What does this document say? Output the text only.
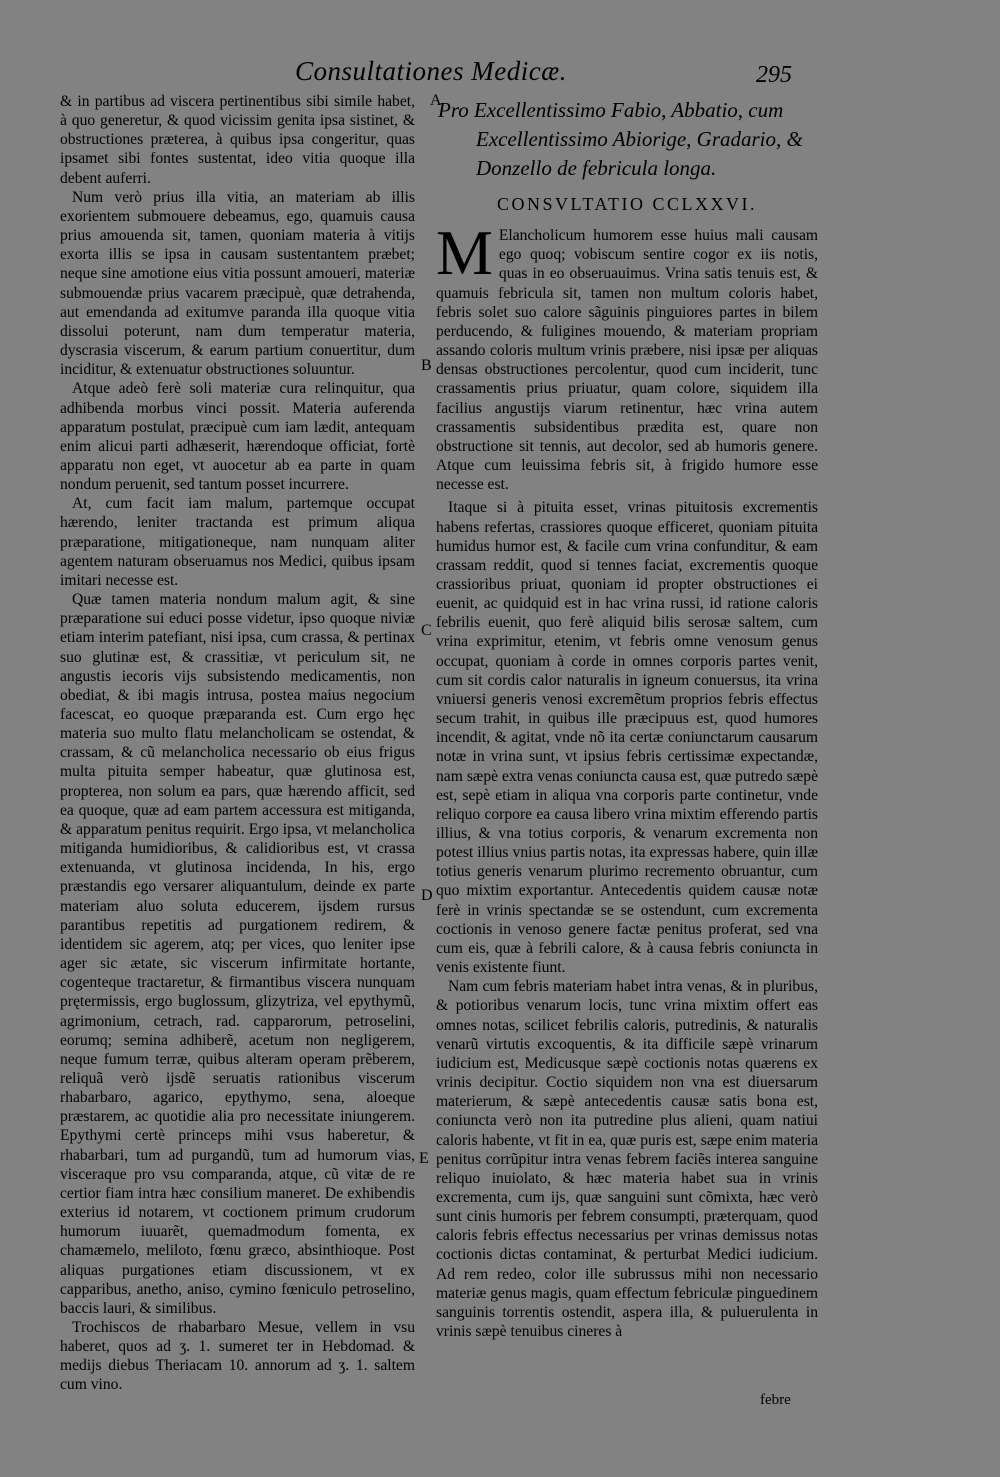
Consultationes Medicæ.	295
A
B
C
D
E

& in partibus ad viscera pertinentibus sibi simile habet, à quo generetur, & quod vicissim genita ipsa sistinet, & obstructiones præterea, à quibus ipsa congeritur, quas ipsamet sibi fontes sustentat, ideo vitia quoque illa debent auferri.

Num verò prius illa vitia, an materiam ab illis exorientem submouere debeamus, ego, quamuis causa prius amouenda sit, tamen, quoniam materia à vitijs exorta illis se ipsa in causam sustentantem præbet; neque sine amotione eius vitia possunt amoueri, materiæ submouendæ prius vacarem præcipuè, quæ detrahenda, aut emendanda ad exitumve paranda illa quoque vitia dissolui poterunt, nam dum temperatur materia, dyscrasia viscerum, & earum partium conuertitur, dum inciditur, & extenuatur obstructiones soluuntur.

Atque adeò ferè soli materiæ cura relinquitur, qua adhibenda morbus vinci possit. Materia auferenda apparatum postulat, præcipuè cum iam lædit, antequam enim alicui parti adhæserit, hærendoque officiat, fortè apparatu non eget, vt auocetur ab ea parte in quam nondum peruenit, sed tantum posset incurrere.

At, cum facit iam malum, partemque occupat hærendo, leniter tractanda est primum aliqua præparatione, mitigationeque, nam nunquam aliter agentem naturam obseruamus nos Medici, quibus ipsam imitari necesse est.

Quæ tamen materia nondum malum agit, & sine præparatione sui educi posse videtur, ipso quoque niviæ etiam interim patefiant, nisi ipsa, cum crassa, & pertinax suo glutinæ est, & crassitiæ, vt periculum sit, ne angustis iecoris vijs subsistendo medicamentis, non obediat, & ibi magis intrusa, postea maius negocium facescat, eo quoque præparanda est. Cum ergo hęc materia suo multo flatu melancholicam se ostendat, & crassam, & cũ melancholica necessario ob eius frigus multa pituita semper habeatur, quæ glutinosa est, propterea, non solum ea pars, quæ hærendo afficit, sed ea quoque, quæ ad eam partem accessura est mitiganda, & apparatum penitus requirit. Ergo ipsa, vt melancholica mitiganda humidioribus, & calidioribus est, vt crassa extenuanda, vt glutinosa incidenda, In his, ergo præstandis ego versarer aliquantulum, deinde ex parte materiam aluo soluta educerem, ijsdem rursus parantibus repetitis ad purgationem redirem, & identidem sic agerem, atq; per vices, quo leniter ipse ager sic ætate, sic viscerum infirmitate hortante, cogenteque tractaretur, & firmantibus viscera nunquam prętermissis, ergo buglossum, glizytriza, vel epythymũ, agrimonium, cetrach, rad. capparorum, petroselini, eorumq; semina adhiberẽ, acetum non negligerem, neque fumum terræ, quibus alteram operam prẽberem, reliquã verò ijsdẽ seruatis rationibus viscerum rhabarbaro, agarico, epythymo, sena, aloeque præstarem, ac quotidie alia pro necessitate iniungerem. Epythymi certè princeps mihi vsus haberetur, & rhabarbari, tum ad purgandũ, tum ad humorum vias, visceraque pro vsu comparanda, atque, cũ vitæ de re certior fiam intra hæc consilium maneret. De exhibendis exterius id notarem, vt coctionem primum crudorum humorum iuuarẽt, quemadmodum fomenta, ex chamæmelo, meliloto, fœnu græco, absinthioque. Post aliquas purgationes etiam discussionem, vt ex capparibus, anetho, aniso, cymino fœniculo petroselino, baccis lauri, & similibus.

Trochiscos de rhabarbaro Mesue, vellem in vsu haberet, quos ad ʒ. 1. sumeret ter in Hebdomad. & medijs diebus Theriacam 10. annorum ad ʒ. 1. saltem cum vino.

Pro Excellentissimo Fabio, Abbatio, cum
Excellentissimo Abiorige, Gradario, &
Donzello de febricula longa.
CONSVLTATIO CCLXXVI.

M Elancholicum humorem esse huius mali causam ego quoq; vobiscum sentire cogor ex iis notis, quas in eo obseruauimus. Vrina satis tenuis est, & quamuis febricula sit, tamen non multum coloris habet, febris solet suo calore sãguinis pinguiores partes in bilem perducendo, & fuligines mouendo, & materiam propriam assando coloris multum vrinis præbere, nisi ipsæ per aliquas densas obstructiones percolentur, quod cum inciderit, tunc crassamentis prius priuatur, quam colore, siquidem illa facilius angustijs viarum retinentur, hæc vrina autem crassamentis subsidentibus prædita est, quare non obstructione sit tennis, aut decolor, sed ab humoris genere. Atque cum leuissima febris sit, à frigido humore esse necesse est.

Itaque si à pituita esset, vrinas pituitosis excrementis habens refertas, crassiores quoque efficeret, quoniam pituita humidus humor est, & facile cum vrina confunditur, & eam crassam reddit, quod si tennes faciat, excrementis quoque crassioribus priuat, quoniam id propter obstructiones ei euenit, ac quidquid est in hac vrina russi, id ratione caloris febrilis euenit, quo ferè aliquid bilis serosæ saltem, cum vrina exprimitur, etenim, vt febris omne venosum genus occupat, quoniam à corde in omnes corporis partes venit, cum sit cordis calor naturalis in igneum conuersus, ita vrina vniuersi generis venosi excremẽtum proprios febris effectus secum trahit, in quibus ille præcipuus est, quod humores incendit, & agitat, vnde nõ ita certæ coniunctarum causarum notæ in vrina sunt, vt ipsius febris certissimæ expectandæ, nam sæpè extra venas coniuncta causa est, quæ putredo sæpè est, sepè etiam in aliqua vna corporis parte continetur, vnde reliquo corpore ea causa libero vrina mixtim efferendo partis illius, & vna totius corporis, & venarum excrementa non potest illius vnius partis notas, ita expressas habere, quin illæ totius generis venarum plurimo recremento obruantur, cum quo mixtim exportantur. Antecedentis quidem causæ notæ ferè in vrinis spectandæ se se ostendunt, cum excrementa coctionis in venoso genere factæ penitus proferat, sed vna cum eis, quæ à febrili calore, & à causa febris coniuncta in venis existente fiunt.

Nam cum febris materiam habet intra venas, & in pluribus, & potioribus venarum locis, tunc vrina mixtim offert eas omnes notas, scilicet febrilis caloris, putredinis, & naturalis venarũ virtutis excoquentis, & ita difficile sæpè vrinarum iudicium est, Medicusque sæpè coctionis notas quærens ex vrinis decipitur. Coctio siquidem non vna est diuersarum materierum, & sæpè antecedentis causæ satis bona est, coniuncta verò non ita putredine plus alieni, quam natiui caloris habente, vt fit in ea, quæ puris est, sæpe enim materia penitus corrũpitur intra venas febrem faciẽs interea sanguine reliquo inuiolato, & hæc materia habet sua in vrinis excrementa, cum ijs, quæ sanguini sunt cõmixta, hæc verò sunt cinis humoris per febrem consumpti, præterquam, quod caloris febris effectus necessarius per vrinas demissus notas coctionis dictas contaminat, & perturbat Medici iudicium. Ad rem redeo, color ille subrussus mihi non necessario materiæ genus magis, quam effectum febriculæ pinguedinem sanguinis torrentis ostendit, aspera illa, & puluerulenta in vrinis sæpè tenuibus cineres à

febre
